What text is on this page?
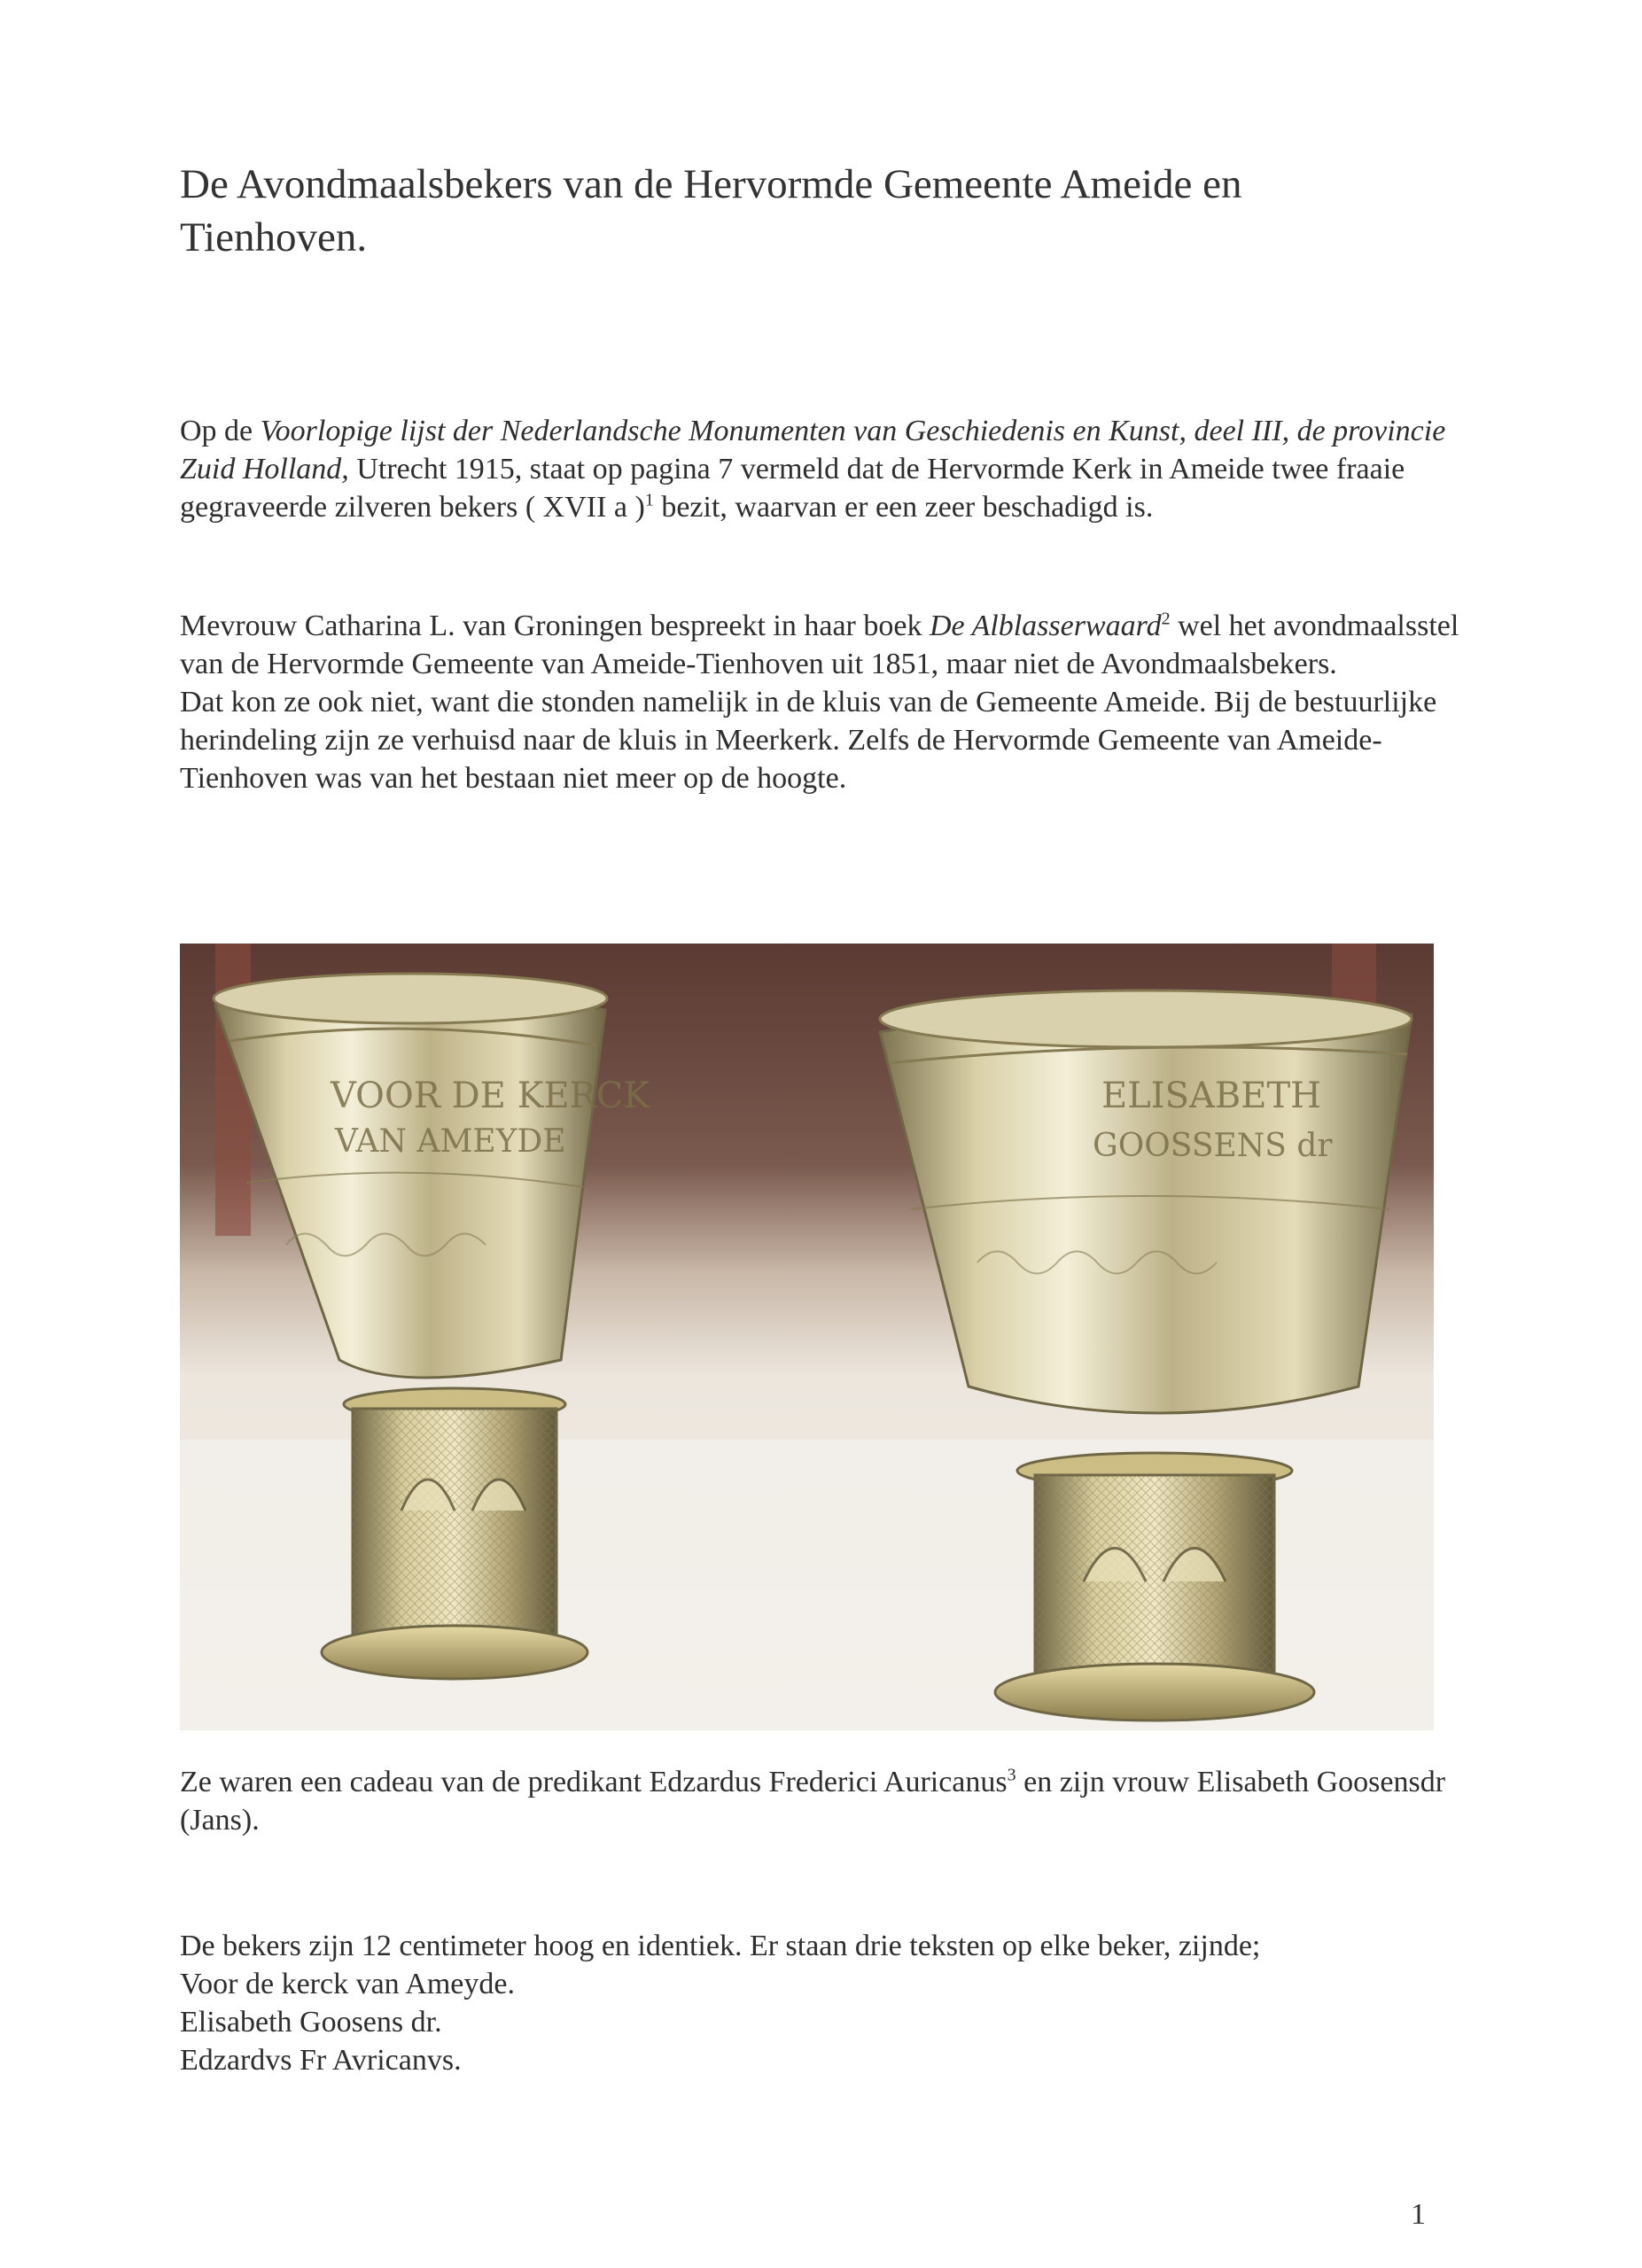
De Avondmaalsbekers van de Hervormde Gemeente Ameide en
Tienhoven.

Op de Voorlopige lijst der Nederlandsche Monumenten van Geschiedenis en Kunst, deel III, de provincie Zuid Holland, Utrecht 1915, staat op pagina 7 vermeld dat de Hervormde Kerk in Ameide twee fraaie gegraveerde zilveren bekers ( XVII a )$^1$ bezit, waarvan er een zeer beschadigd is.

Mevrouw Catharina L. van Groningen bespreekt in haar boek De Alblasserwaard$^2$ wel het avondmaalsstel van de Hervormde Gemeente van Ameide-Tienhoven uit 1851, maar niet de Avondmaalsbekers.
Dat kon ze ook niet, want die stonden namelijk in de kluis van de Gemeente Ameide. Bij de bestuurlijke herindeling zijn ze verhuisd naar de kluis in Meerkerk. Zelfs de Hervormde Gemeente van Ameide-Tienhoven was van het bestaan niet meer op de hoogte.

VOOR DE KERCK
VAN AMEYDE
ELISABETH
GOOSSENS dr

Ze waren een cadeau van de predikant Edzardus Frederici Auricanus$^3$ en zijn vrouw Elisabeth Goosensdr (Jans).

De bekers zijn 12 centimeter hoog en identiek. Er staan drie teksten op elke beker, zijnde;
Voor de kerck van Ameyde.
Elisabeth Goosens dr.
Edzardvs Fr Avricanvs.

1
